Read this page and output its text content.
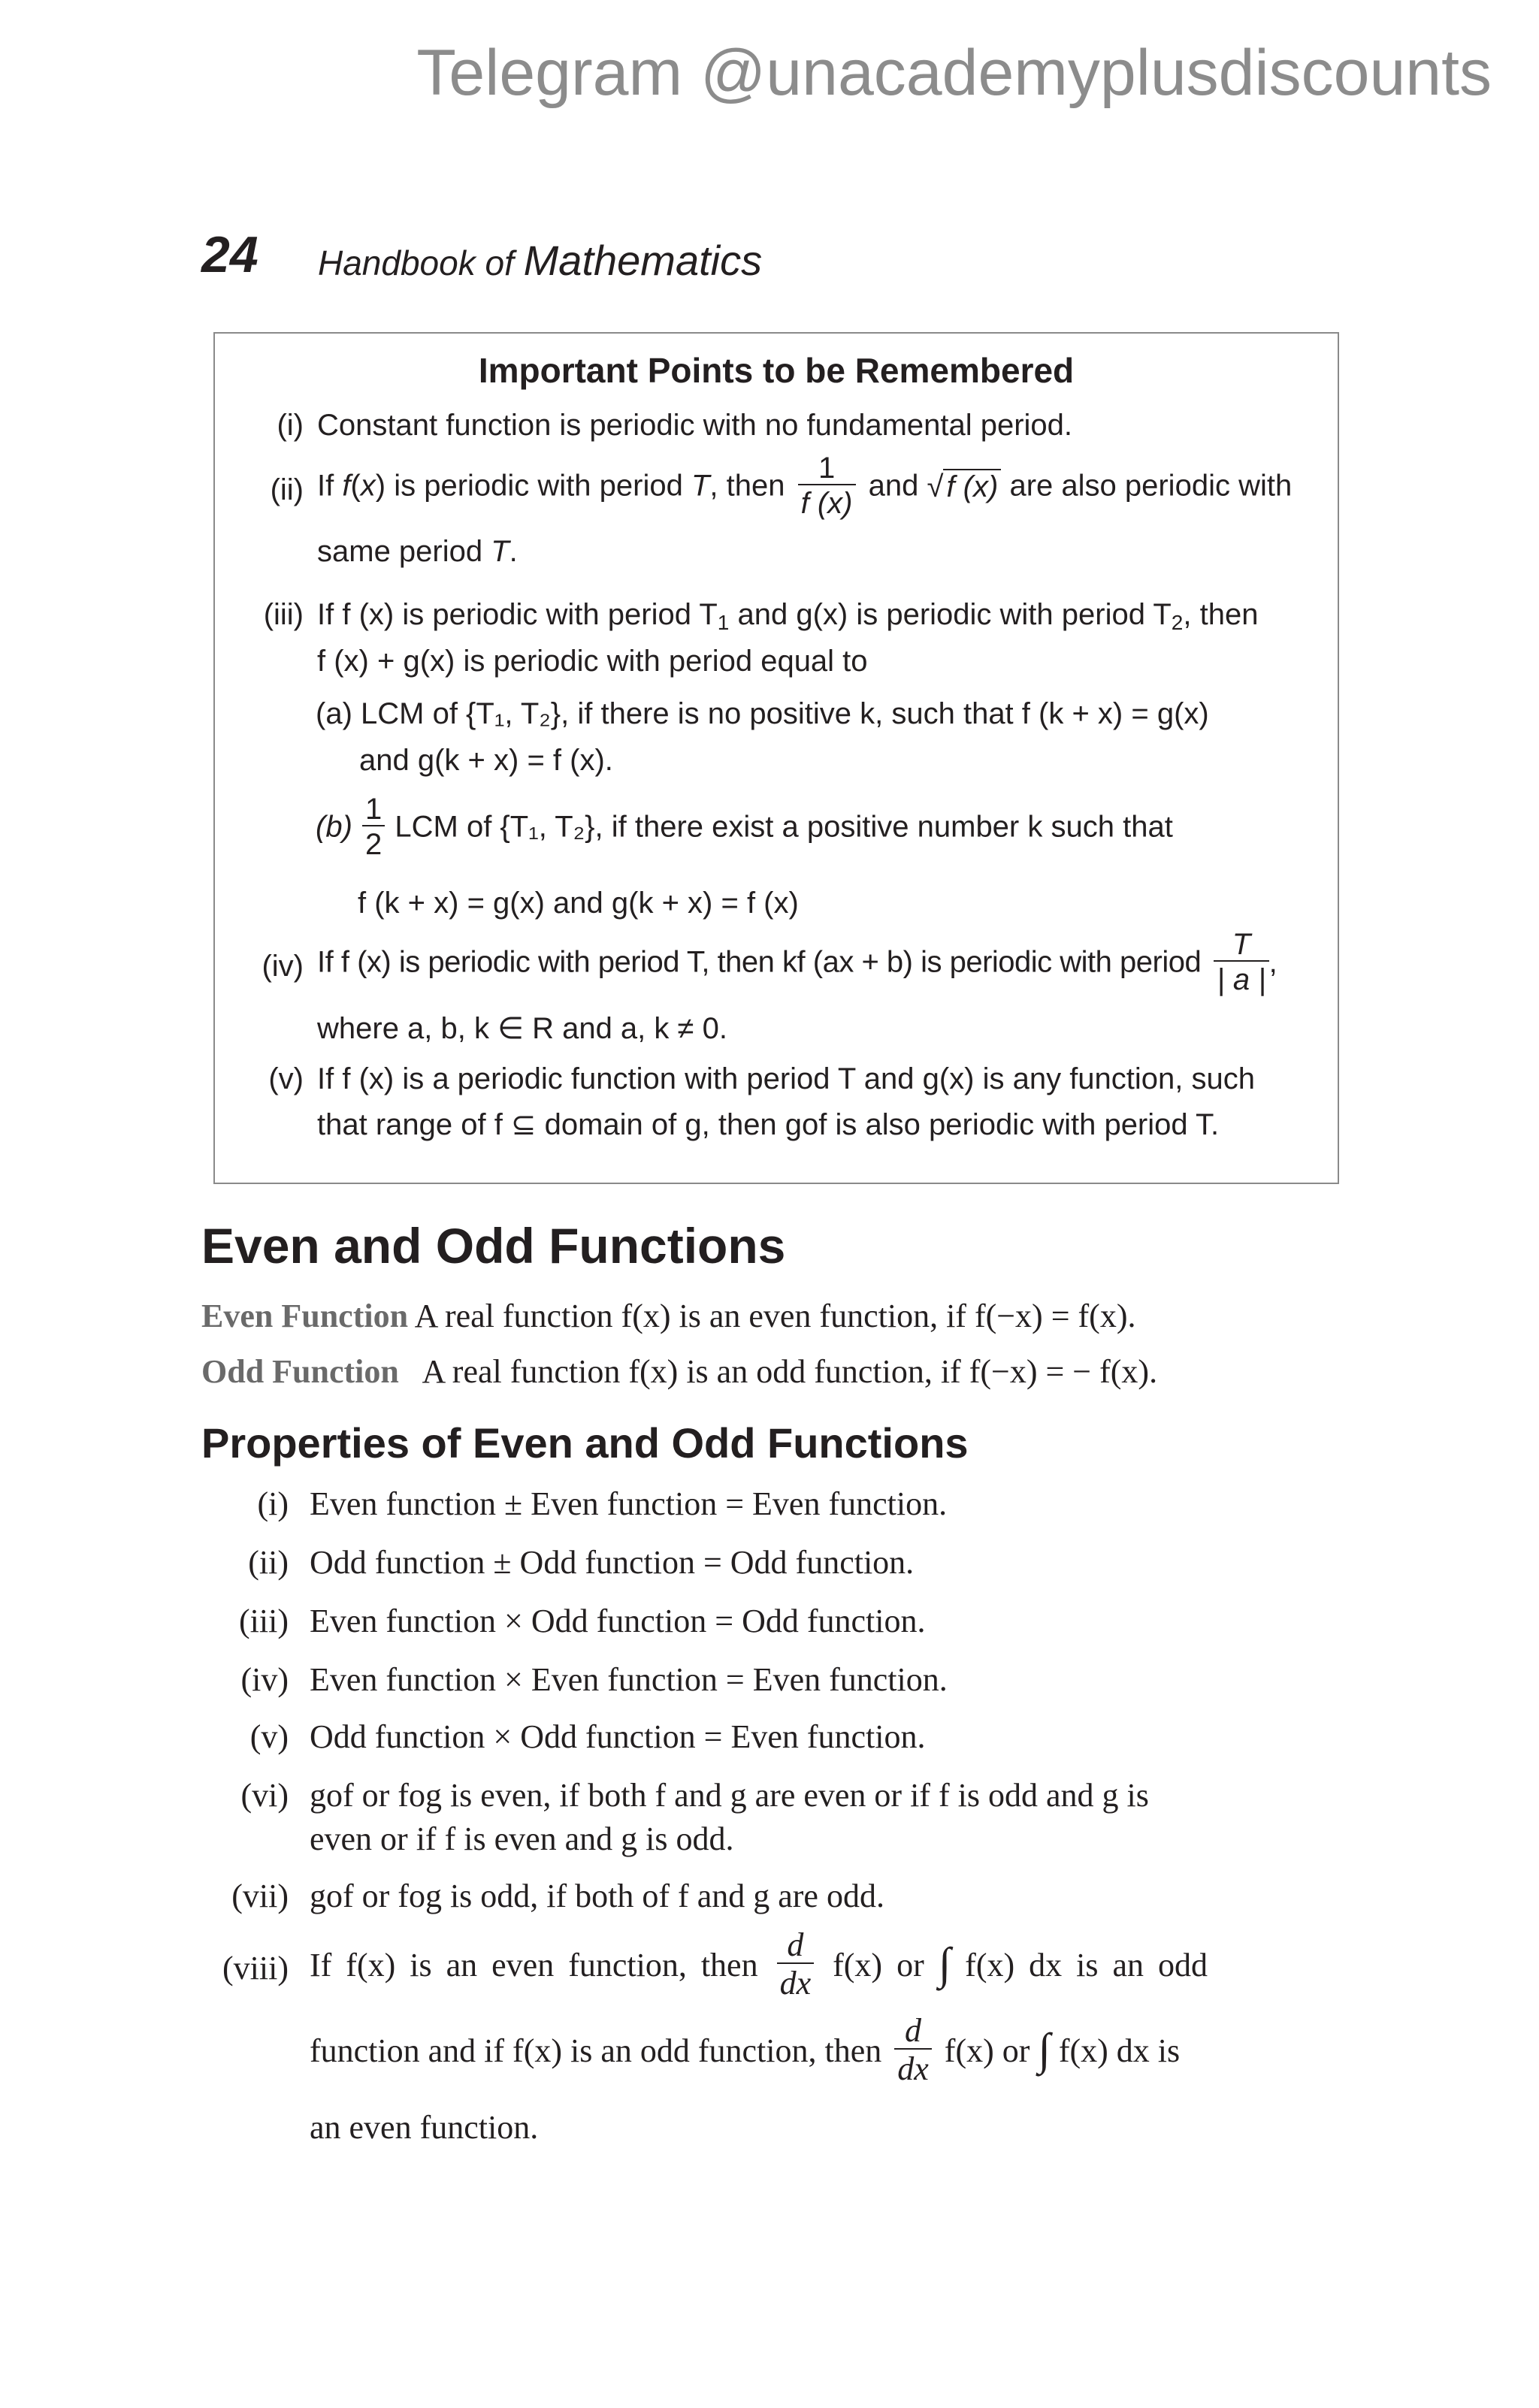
Telegram @unacademyplusdiscounts
24 Handbook of Mathematics
Important Points to be Remembered
(i) Constant function is periodic with no fundamental period.
(ii) If f(x) is periodic with period T, then $\frac{1}{f (x)}$ and √ f (x) are also periodic with
same period T.
(iii) If f (x) is periodic with period $T_1$ and g(x) is periodic with period $T_2$, then
f (x) + g(x) is periodic with period equal to
(a) LCM of {T₁, T₂}, if there is no positive k, such that f (k + x) = g(x)
and g(k + x) = f (x).
$(b) \frac{1}{2}$ LCM of {T₁, T₂}, if there exist a positive number k such that
f (k + x) = g(x) and g(k + x) = f (x)
(iv) If f (x) is periodic with period T, then kf (ax + b) is periodic with period $\frac{T}{| a |}$ ,
where a, b, k ∈ R and a, k ≠ 0.
(v) If f (x) is a periodic function with period T and g(x) is any function, such
that range of f ⊆ domain of g, then gof is also periodic with period T.
Even and Odd Functions
Even Function A real function f(x) is an even function, if f(−x) = f(x).
Odd Function A real function f(x) is an odd function, if f(−x) = − f(x).
Properties of Even and Odd Functions
(i) Even function ± Even function = Even function.
(ii) Odd function ± Odd function = Odd function.
(iii) Even function × Odd function = Odd function.
(iv) Even function × Even function = Even function.
(v) Odd function × Odd function = Even function.
(vi) gof or fog is even, if both f and g are even or if f is odd and g is
even or if f is even and g is odd.
(vii) gof or fog is odd, if both of f and g are odd.
(viii) If f(x) is an even function, then $\frac{d}{dx} f(x)$ or ∫ f(x) dx is an odd
function and if f(x) is an odd function, then $\frac{d}{dx} f(x)$ or ∫ f(x) dx is
an even function.
